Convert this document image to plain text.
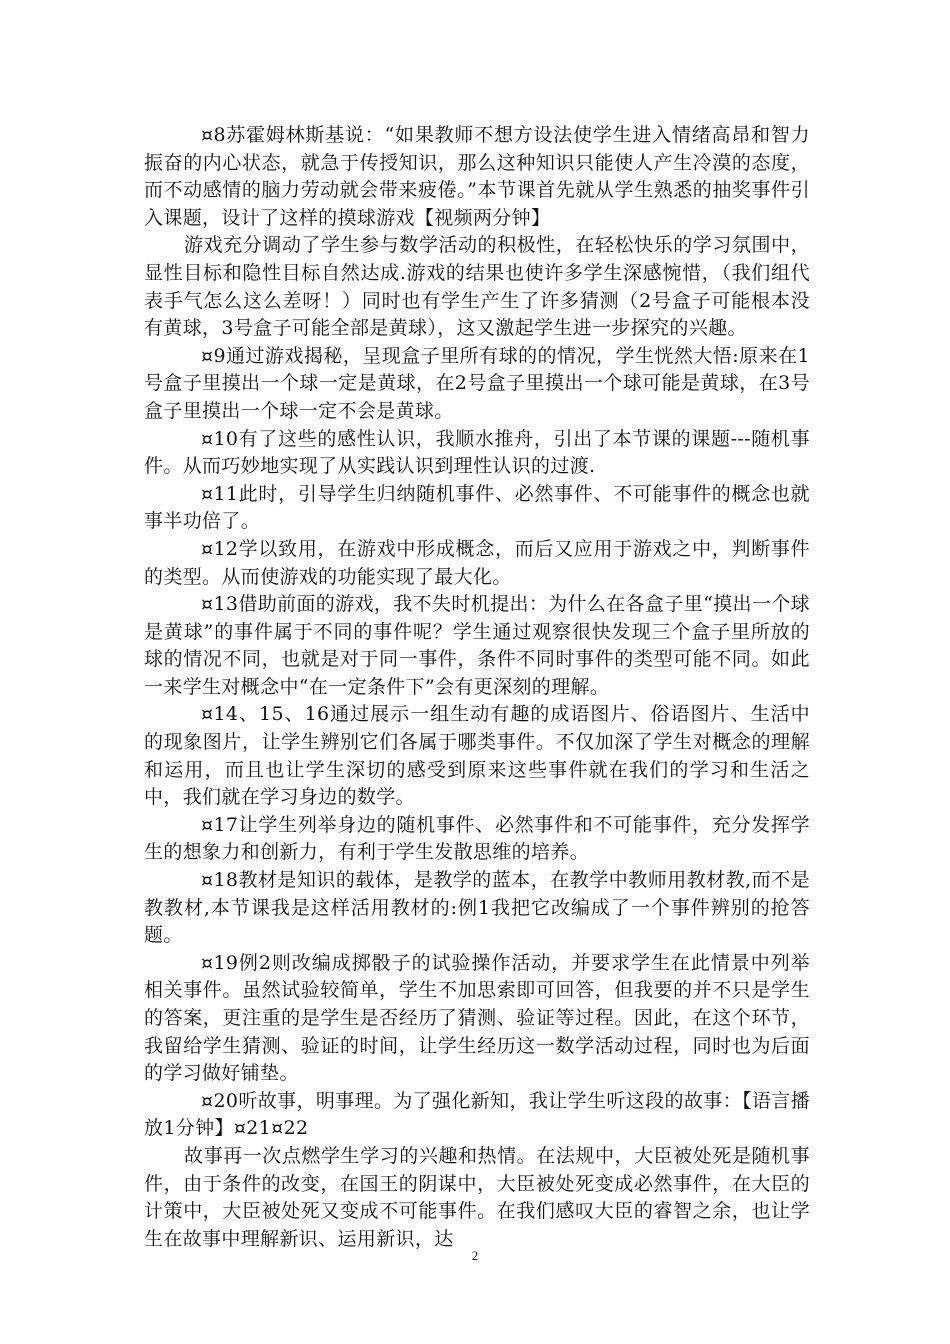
¤8苏霍姆林斯基说：“如果教师不想方设法使学生进入情绪高昂和智力振奋的内心状态，就急于传授知识，那么这种知识只能使人产生冷漠的态度，而不动感情的脑力劳动就会带来疲倦。”本节课首先就从学生熟悉的抽奖事件引入课题，设计了这样的摸球游戏【视频两分钟】

游戏充分调动了学生参与数学活动的积极性，在轻松快乐的学习氛围中，显性目标和隐性目标自然达成.游戏的结果也使许多学生深感惋惜，（我们组代表手气怎么这么差呀！）同时也有学生产生了许多猜测（2号盒子可能根本没有黄球，3号盒子可能全部是黄球），这又激起学生进一步探究的兴趣。

¤9通过游戏揭秘，呈现盒子里所有球的的情况，学生恍然大悟:原来在1号盒子里摸出一个球一定是黄球，在2号盒子里摸出一个球可能是黄球，在3号盒子里摸出一个球一定不会是黄球。

¤10有了这些的感性认识，我顺水推舟，引出了本节课的课题---随机事件。从而巧妙地实现了从实践认识到理性认识的过渡.

¤11此时，引导学生归纳随机事件、必然事件、不可能事件的概念也就事半功倍了。

¤12学以致用，在游戏中形成概念，而后又应用于游戏之中，判断事件的类型。从而使游戏的功能实现了最大化。

¤13借助前面的游戏，我不失时机提出：为什么在各盒子里“摸出一个球是黄球”的事件属于不同的事件呢？学生通过观察很快发现三个盒子里所放的球的情况不同，也就是对于同一事件，条件不同时事件的类型可能不同。如此一来学生对概念中“在一定条件下”会有更深刻的理解。

¤14、15、16通过展示一组生动有趣的成语图片、俗语图片、生活中的现象图片，让学生辨别它们各属于哪类事件。不仅加深了学生对概念的理解和运用，而且也让学生深切的感受到原来这些事件就在我们的学习和生活之中，我们就在学习身边的数学。

¤17让学生列举身边的随机事件、必然事件和不可能事件，充分发挥学生的想象力和创新力，有利于学生发散思维的培养。

¤18教材是知识的载体，是教学的蓝本，在教学中教师用教材教,而不是教教材,本节课我是这样活用教材的:例1我把它改编成了一个事件辨别的抢答题。

¤19例2则改编成掷骰子的试验操作活动，并要求学生在此情景中列举相关事件。虽然试验较简单，学生不加思索即可回答，但我要的并不只是学生的答案，更注重的是学生是否经历了猜测、验证等过程。因此，在这个环节，我留给学生猜测、验证的时间，让学生经历这一数学活动过程，同时也为后面的学习做好铺垫。

¤20听故事，明事理。为了强化新知，我让学生听这段的故事：【语言播放1分钟】¤21¤22

故事再一次点燃学生学习的兴趣和热情。在法规中，大臣被处死是随机事件，由于条件的改变，在国王的阴谋中，大臣被处死变成必然事件，在大臣的计策中，大臣被处死又变成不可能事件。在我们感叹大臣的睿智之余，也让学生在故事中理解新识、运用新识，达

2
